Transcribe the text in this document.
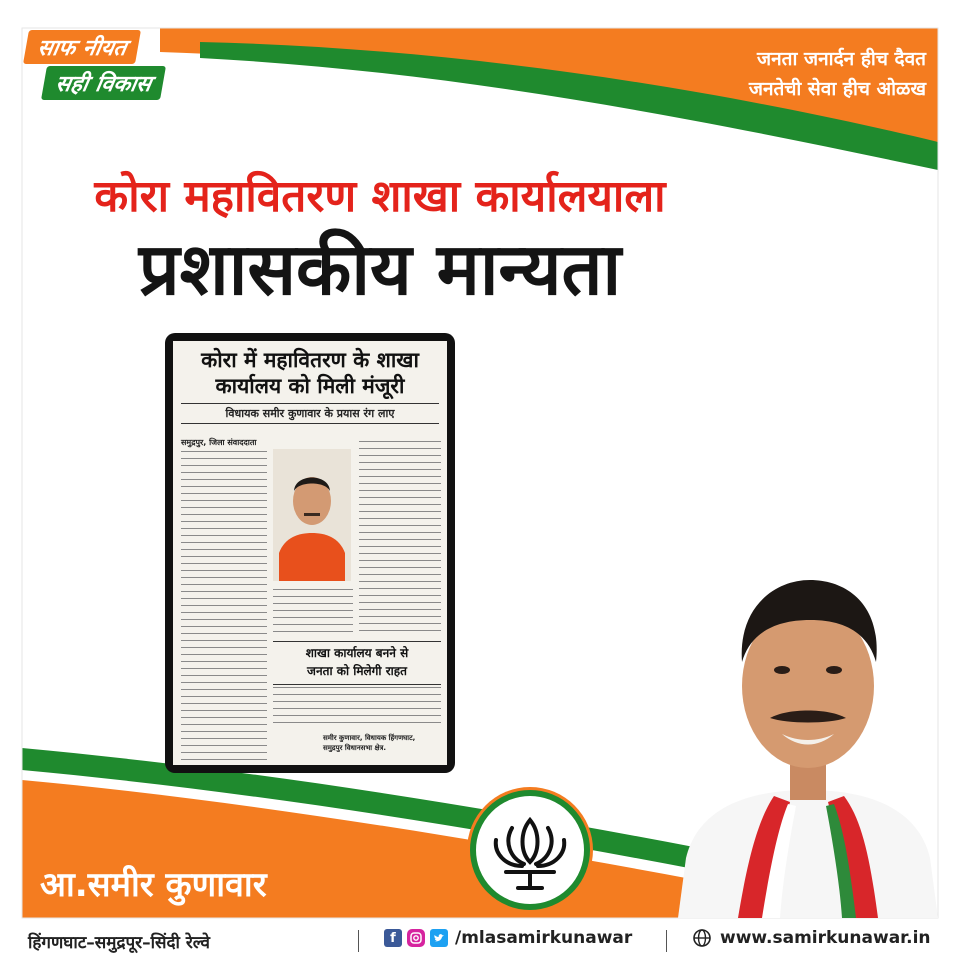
साफ नीयत
सही विकास
जनता जनार्दन हीच दैवत
जनतेची सेवा हीच ओळख
कोरा महावितरण शाखा कार्यालयाला
प्रशासकीय मान्यता
कोरा में महावितरण के शाखा
कार्यालय को मिली मंजूरी
विधायक समीर कुणावार के प्रयास रंग लाए
समुद्रपुर, जिला संवाददाता
शाखा कार्यालय बनने से
जनता को मिलेगी राहत
समीर कुणावार, विधायक हिंगणघाट,
समुद्रपुर विधानसभा क्षेत्र.
आ.समीर कुणावार
हिंगणघाट–समुद्रपूर–सिंदी रेल्वे	f	/mlasamirkunawar	www.samirkunawar.in
